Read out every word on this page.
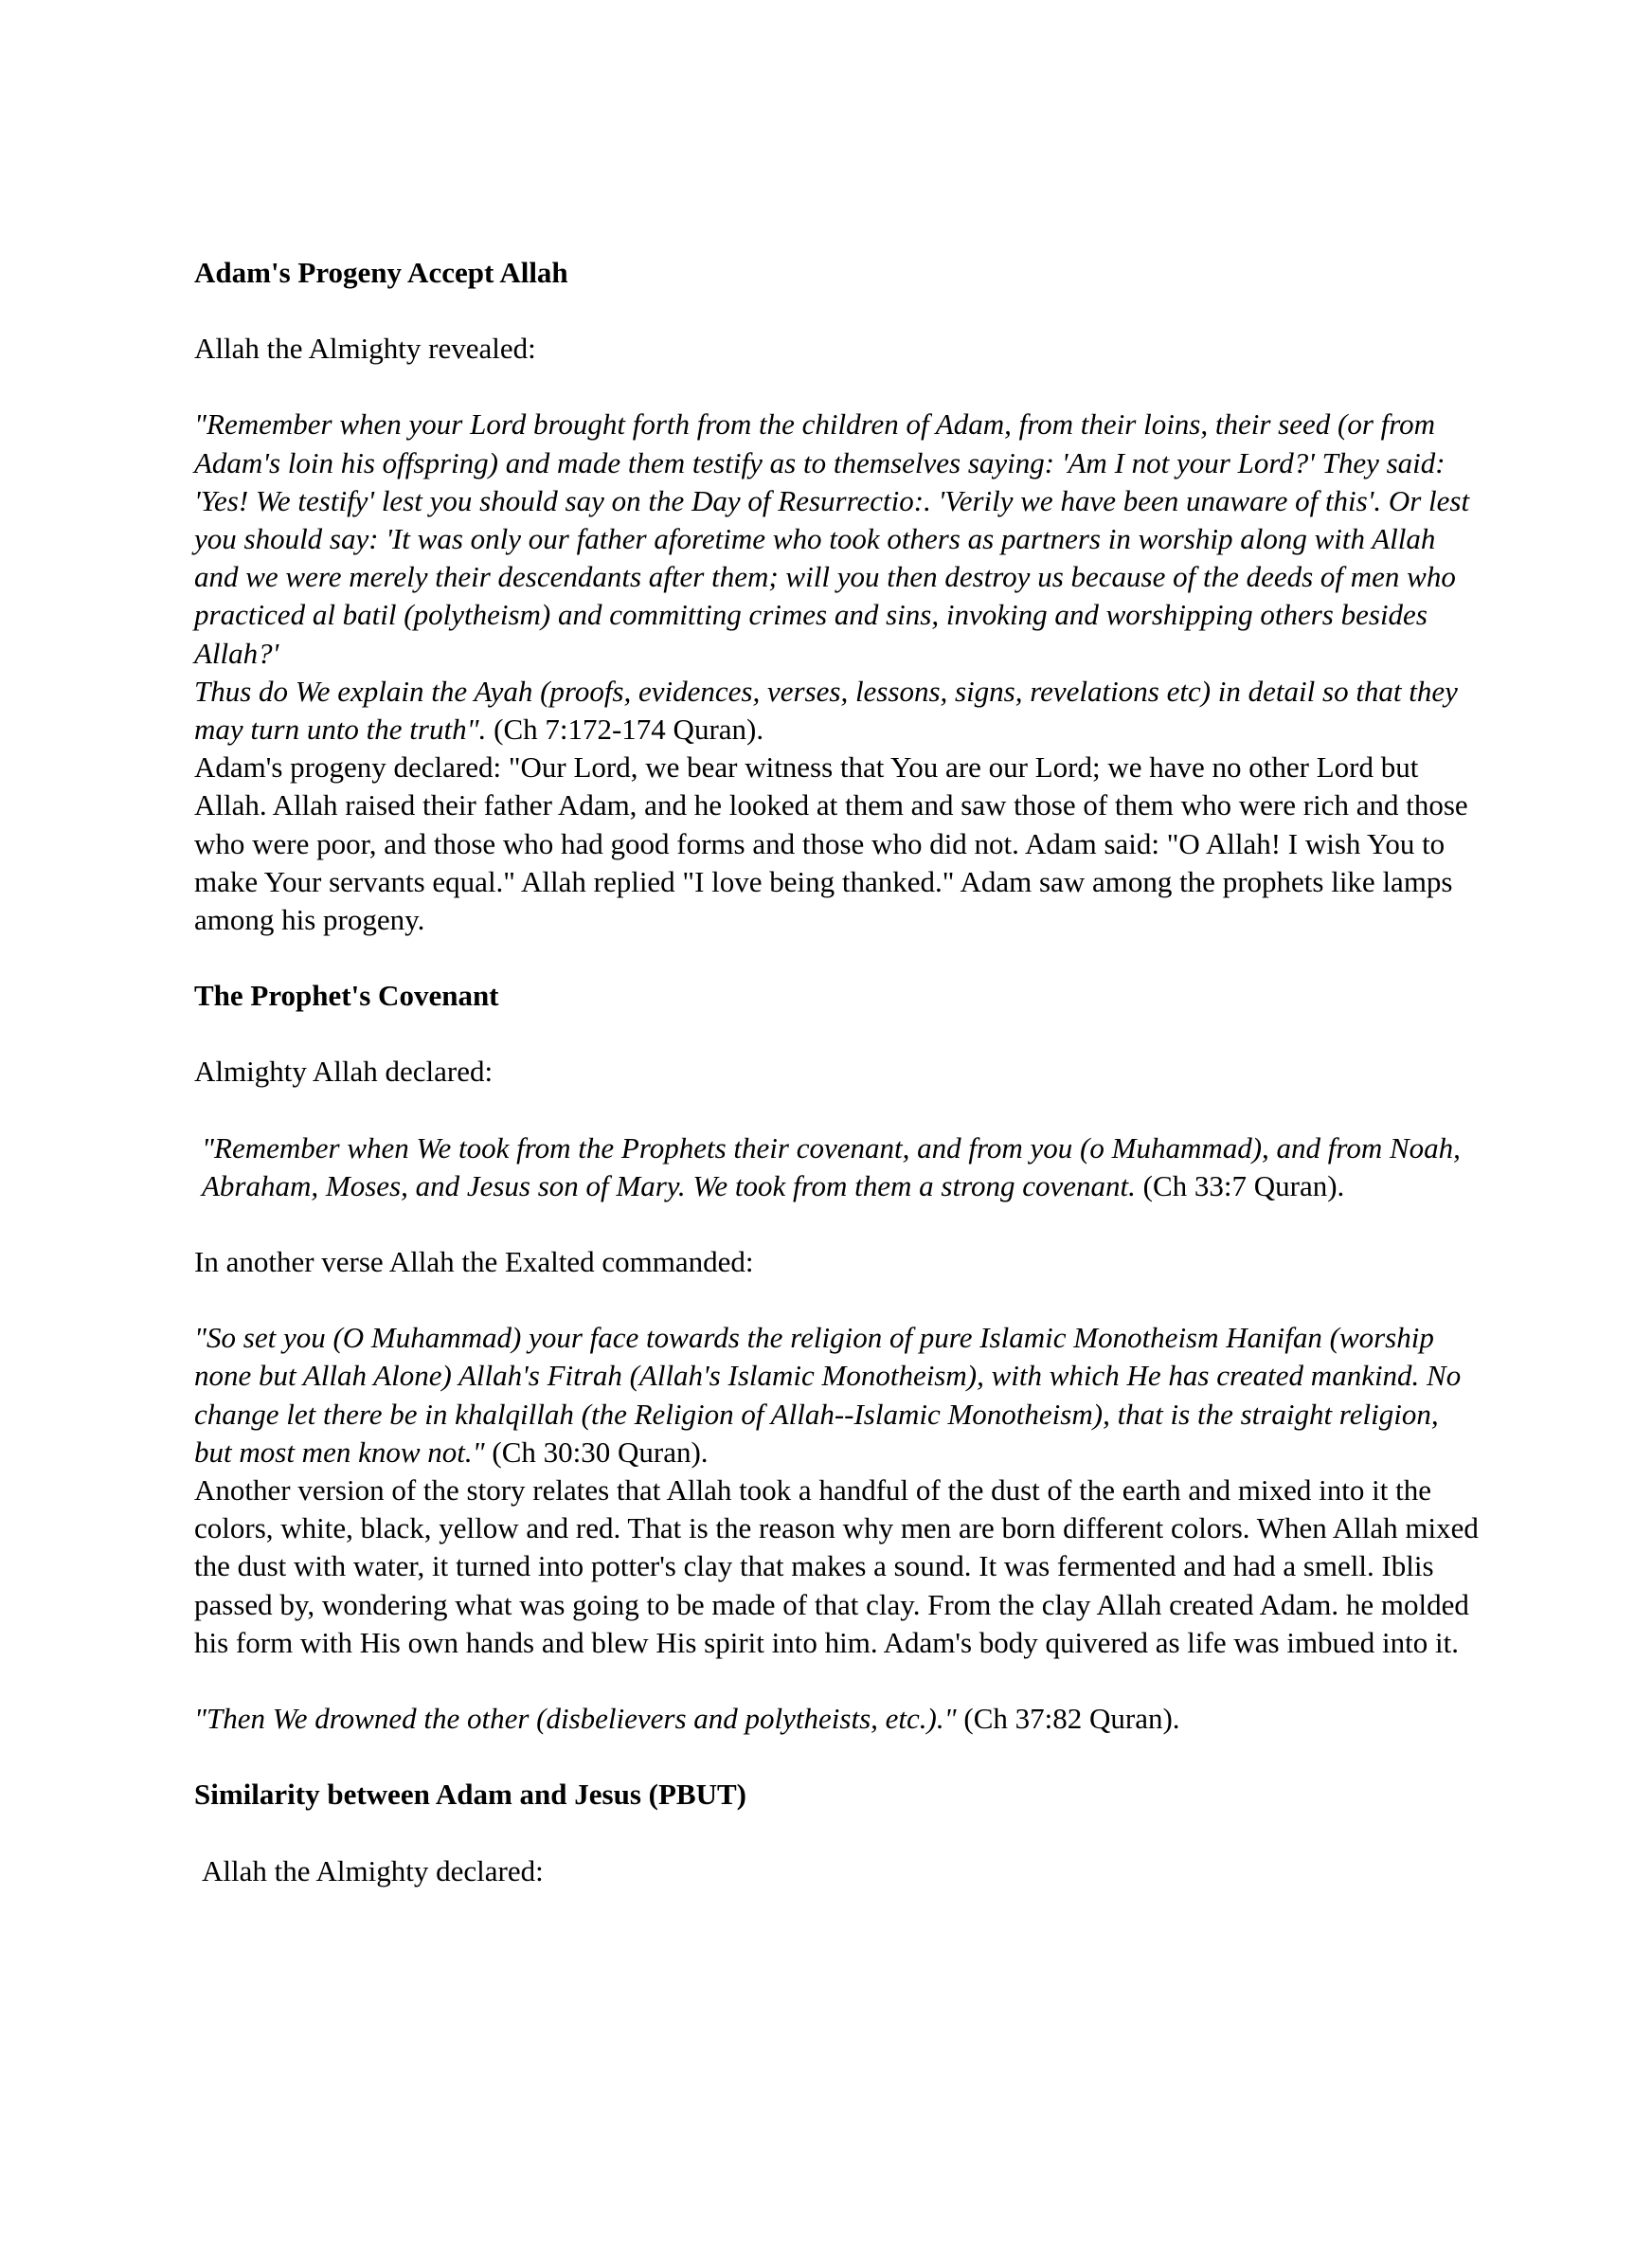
Adam's Progeny Accept Allah

Allah the Almighty revealed:

"Remember when your Lord brought forth from the children of Adam, from their loins, their seed (or from Adam's loin his offspring) and made them testify as to themselves saying: 'Am I not your Lord?' They said: 'Yes! We testify' lest you should say on the Day of Resurrectio:. 'Verily we have been unaware of this'. Or lest you should say: 'It was only our father aforetime who took others as partners in worship along with Allah and we were merely their descendants after them; will you then destroy us because of the deeds of men who practiced al batil (polytheism) and committing crimes and sins, invoking and worshipping others besides Allah?'

Thus do We explain the Ayah (proofs, evidences, verses, lessons, signs, revelations etc) in detail so that they may turn unto the truth". (Ch 7:172-174 Quran).

Adam's progeny declared: "Our Lord, we bear witness that You are our Lord; we have no other Lord but Allah. Allah raised their father Adam, and he looked at them and saw those of them who were rich and those who were poor, and those who had good forms and those who did not. Adam said: "O Allah! I wish You to make Your servants equal." Allah replied "I love being thanked." Adam saw among the prophets like lamps among his progeny.

The Prophet's Covenant

Almighty Allah declared:

"Remember when We took from the Prophets their covenant, and from you (o Muhammad), and from Noah, Abraham, Moses, and Jesus son of Mary. We took from them a strong covenant. (Ch 33:7 Quran).

In another verse Allah the Exalted commanded:

"So set you (O Muhammad) your face towards the religion of pure Islamic Monotheism Hanifan (worship none but Allah Alone) Allah's Fitrah (Allah's Islamic Monotheism), with which He has created mankind. No change let there be in khalqillah (the Religion of Allah--Islamic Monotheism), that is the straight religion, but most men know not." (Ch 30:30 Quran).

Another version of the story relates that Allah took a handful of the dust of the earth and mixed into it the colors, white, black, yellow and red. That is the reason why men are born different colors. When Allah mixed the dust with water, it turned into potter's clay that makes a sound. It was fermented and had a smell. Iblis passed by, wondering what was going to be made of that clay. From the clay Allah created Adam. he molded his form with His own hands and blew His spirit into him. Adam's body quivered as life was imbued into it.

"Then We drowned the other (disbelievers and polytheists, etc.)." (Ch 37:82 Quran).

Similarity between Adam and Jesus (PBUT)

Allah the Almighty declared:
